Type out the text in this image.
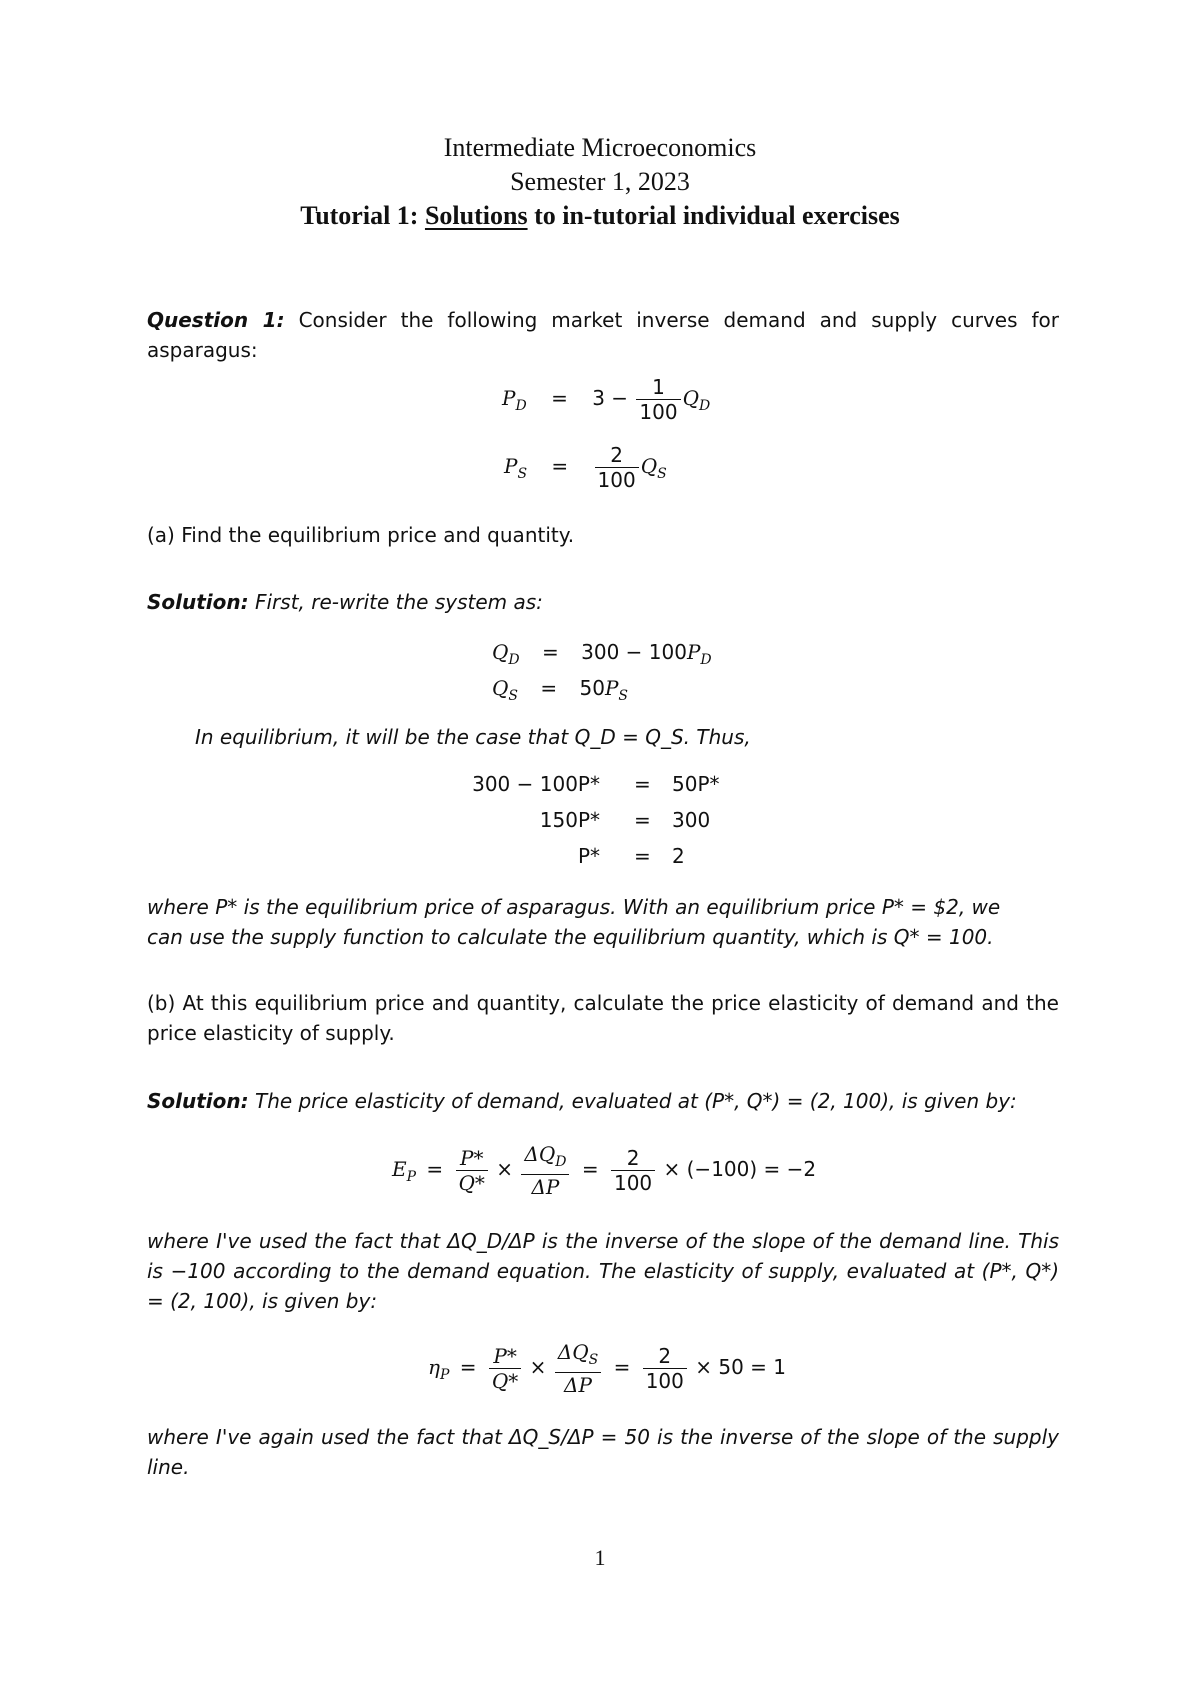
Intermediate Microeconomics
Semester 1, 2023
Tutorial 1: Solutions to in-tutorial individual exercises
Question 1: Consider the following market inverse demand and supply curves for asparagus:
$P_D = 3 - \frac{1}{100} Q_D$
$P_S = \frac{2}{100} Q_S$
(a) Find the equilibrium price and quantity.
Solution: First, re-write the system as:
$Q_D = 300 - 100P_D$
$Q_S = 50P_S$
In equilibrium, it will be the case that Q_D = Q_S. Thus,
300 − 100P* = 50P*
150P* = 300
P* = 2
where P* is the equilibrium price of asparagus. With an equilibrium price P* = $2, we
can use the supply function to calculate the equilibrium quantity, which is Q* = 100.
(b) At this equilibrium price and quantity, calculate the price elasticity of demand and the price elasticity of supply.
Solution: The price elasticity of demand, evaluated at (P*, Q*) = (2, 100), is given by:
$E_P = \frac{P*}{Q*} \times \frac{\Delta Q_D}{\Delta P} = \frac{2}{100} \times (-100) = -2$
where I've used the fact that ΔQ_D/ΔP is the inverse of the slope of the demand line. This is −100 according to the demand equation. The elasticity of supply, evaluated at (P*, Q*) = (2, 100), is given by:
$\eta_P = \frac{P*}{Q*} \times \frac{\Delta Q_S}{\Delta P} = \frac{2}{100} \times 50 = 1$
where I've again used the fact that ΔQ_S/ΔP = 50 is the inverse of the slope of the supply line.
1
